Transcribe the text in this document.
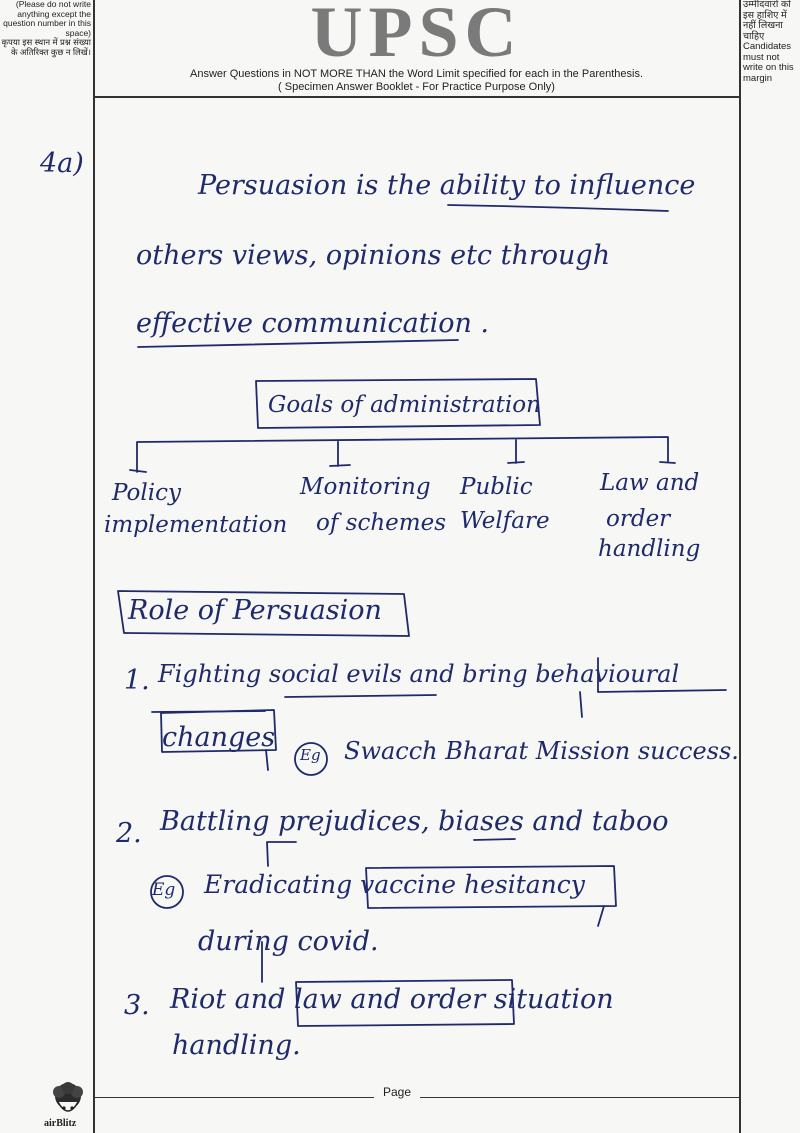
(Please do not write anything except the question number in this space)
कृपया इस स्थान में प्रश्न संख्या के अतिरिक्त कुछ न लिखें।
उम्मीदवारों को इस हाशिए में नहीं लिखना चाहिए
Candidates must not write on this margin
UPSC
Answer Questions in NOT MORE THAN the Word Limit specified for each in the Parenthesis.
( Specimen Answer Booklet - For Practice Purpose Only)
4a)
Persuasion is the ability to influence
others views, opinions etc through
effective communication .
Goals of administration
Policy
implementation
Monitoring
of schemes
Public
Welfare
Law and
order
handling
Role of Persuasion
1. Fighting social evils and bring behavioural
changes
Eg Swacch Bharat Mission success.
2. Battling prejudices, biases and taboo
Eg Eradicating vaccine hesitancy
during covid.
3. Riot and law and order situation
handling.
Page
airBlitz
